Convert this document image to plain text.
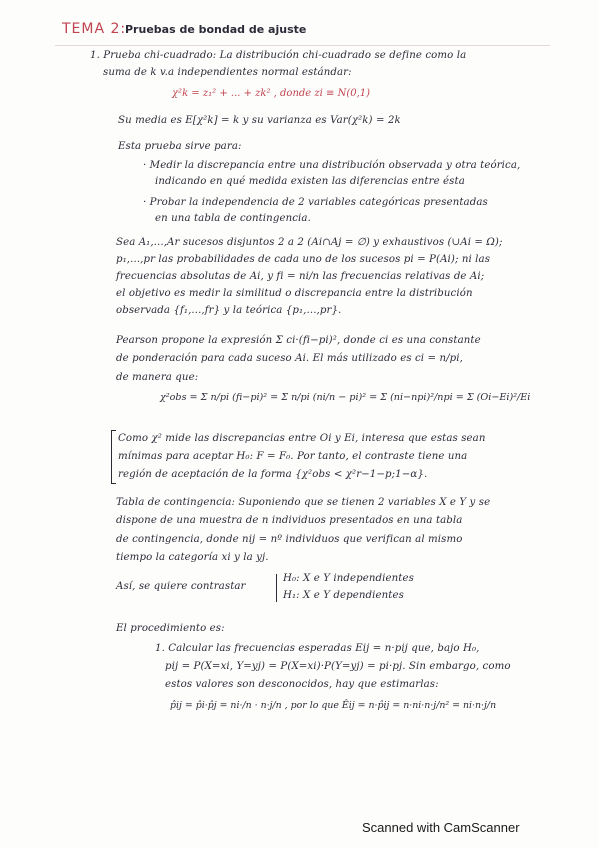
TEMA 2:
Pruebas de bondad de ajuste
1. Prueba chi-cuadrado: La distribución chi-cuadrado se define como la
suma de k v.a independientes normal estándar:
χ²k = z₁² + ... + zk² , donde zi ≡ N(0,1)
Su media es E[χ²k] = k y su varianza es Var(χ²k) = 2k
Esta prueba sirve para:
· Medir la discrepancia entre una distribución observada y otra teórica,
indicando en qué medida existen las diferencias entre ésta
· Probar la independencia de 2 variables categóricas presentadas
en una tabla de contingencia.
Sea A₁,...,Ar sucesos disjuntos 2 a 2 (Ai∩Aj = ∅) y exhaustivos (∪Ai = Ω);
p₁,...,pr las probabilidades de cada uno de los sucesos pi = P(Ai); ni las
frecuencias absolutas de Ai, y fi = ni/n las frecuencias relativas de Ai;
el objetivo es medir la similitud o discrepancia entre la distribución
observada {f₁,...,fr} y la teórica {p₁,...,pr}.
Pearson propone la expresión Σ ci·(fi−pi)², donde ci es una constante
de ponderación para cada suceso Ai. El más utilizado es ci = n/pi,
de manera que:
χ²obs = Σ n/pi (fi−pi)² = Σ n/pi (ni/n − pi)² = Σ (ni−npi)²/npi = Σ (Oi−Ei)²/Ei
Como χ² mide las discrepancias entre Oi y Ei, interesa que estas sean
mínimas para aceptar H₀: F = F₀. Por tanto, el contraste tiene una
región de aceptación de la forma {χ²obs < χ²r−1−p;1−α}.
Tabla de contingencia: Suponiendo que se tienen 2 variables X e Y y se
dispone de una muestra de n individuos presentados en una tabla
de contingencia, donde nij = nº individuos que verifican al mismo
tiempo la categoría xi y la yj.
Así, se quiere contrastar
H₀: X e Y independientes
H₁: X e Y dependientes
El procedimiento es:
1. Calcular las frecuencias esperadas Eij = n·pij que, bajo H₀,
pij = P(X=xi, Y=yj) = P(X=xi)·P(Y=yj) = pi·pj. Sin embargo, como
estos valores son desconocidos, hay que estimarlas:
p̂ij = p̂i·p̂j = ni·/n · n·j/n , por lo que Êij = n·p̂ij = n·ni·n·j/n² = ni·n·j/n
Scanned with CamScanner
